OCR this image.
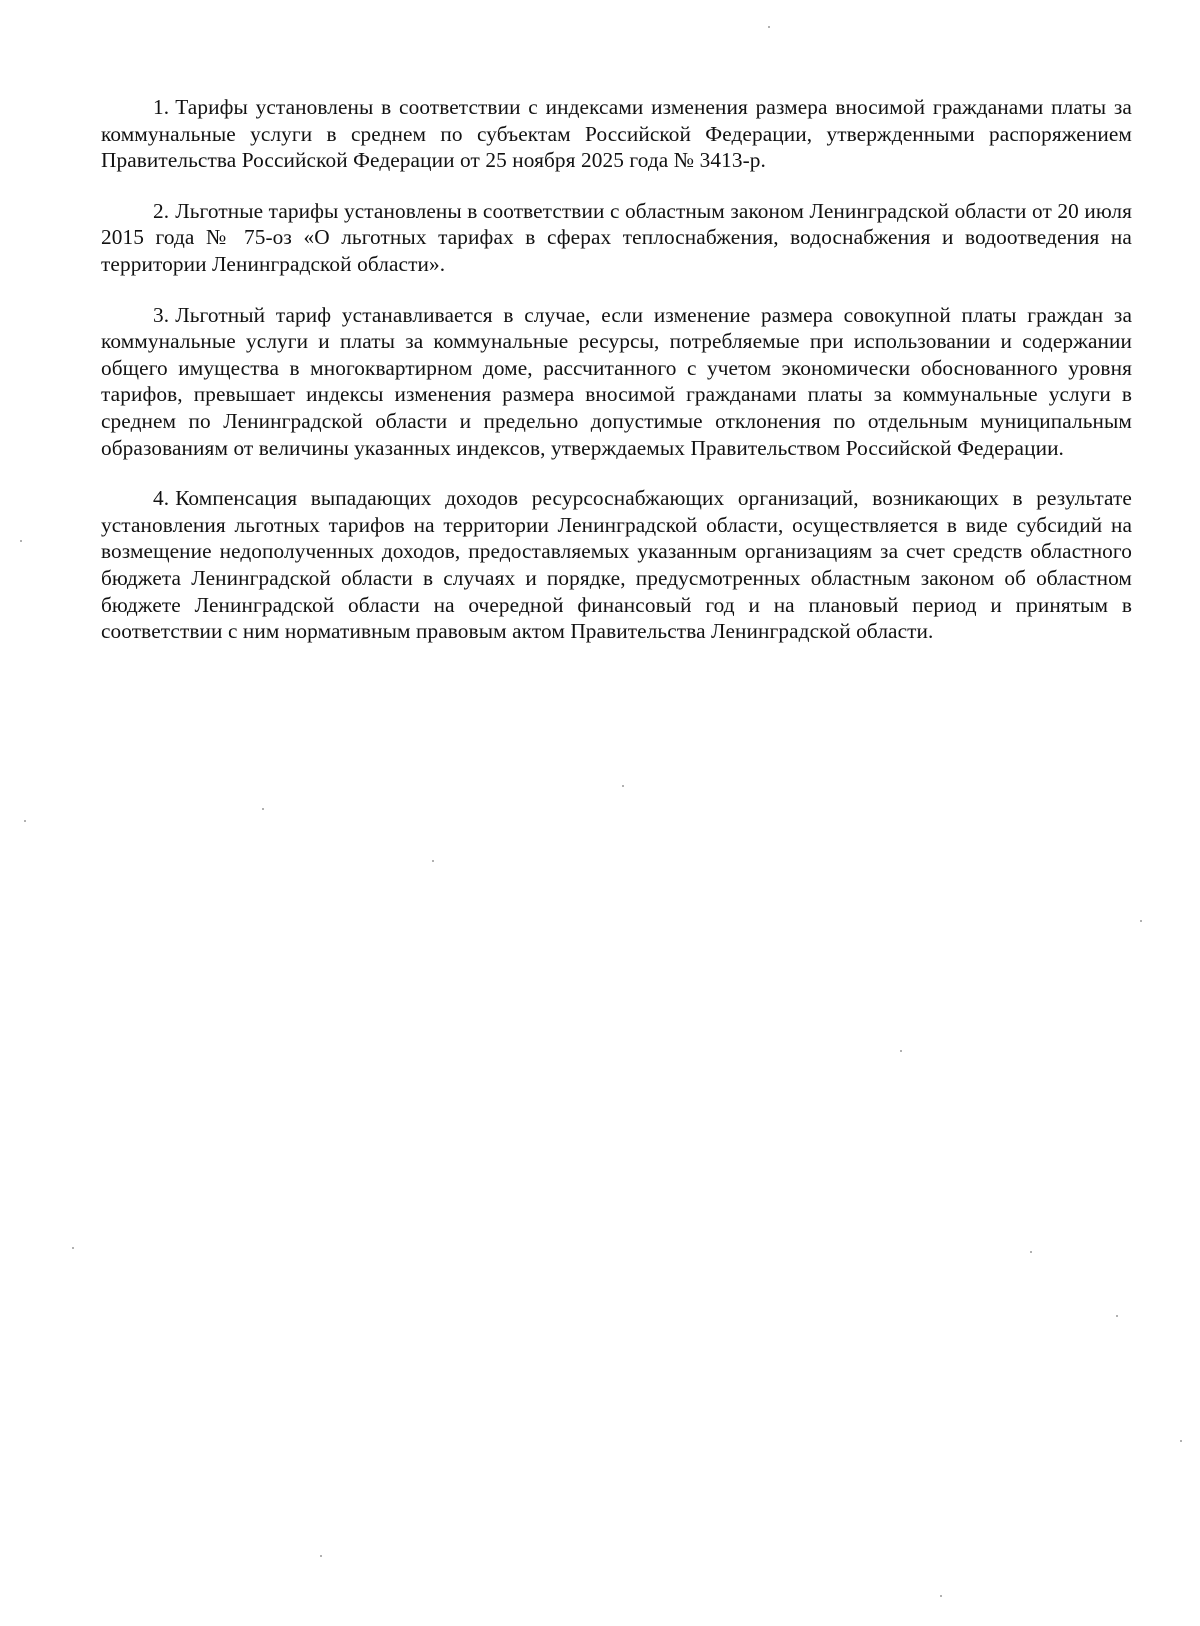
1. Тарифы установлены в соответствии с индексами изменения размера вносимой гражданами платы за коммунальные услуги в среднем по субъектам Российской Федерации, утвержденными распоряжением Правительства Российской Федерации от 25 ноября 2025 года № 3413-р.

2. Льготные тарифы установлены в соответствии с областным законом Ленинградской области от 20 июля 2015 года № 75-оз «О льготных тарифах в сферах теплоснабжения, водоснабжения и водоотведения на территории Ленинградской области».

3. Льготный тариф устанавливается в случае, если изменение размера совокупной платы граждан за коммунальные услуги и платы за коммунальные ресурсы, потребляемые при использовании и содержании общего имущества в многоквартирном доме, рассчитанного с учетом экономически обоснованного уровня тарифов, превышает индексы изменения размера вносимой гражданами платы за коммунальные услуги в среднем по Ленинградской области и предельно допустимые отклонения по отдельным муниципальным образованиям от величины указанных индексов, утверждаемых Правительством Российской Федерации.

4. Компенсация выпадающих доходов ресурсоснабжающих организаций, возникающих в результате установления льготных тарифов на территории Ленинградской области, осуществляется в виде субсидий на возмещение недополученных доходов, предоставляемых указанным организациям за счет средств областного бюджета Ленинградской области в случаях и порядке, предусмотренных областным законом об областном бюджете Ленинградской области на очередной финансовый год и на плановый период и принятым в соответствии с ним нормативным правовым актом Правительства Ленинградской области.
